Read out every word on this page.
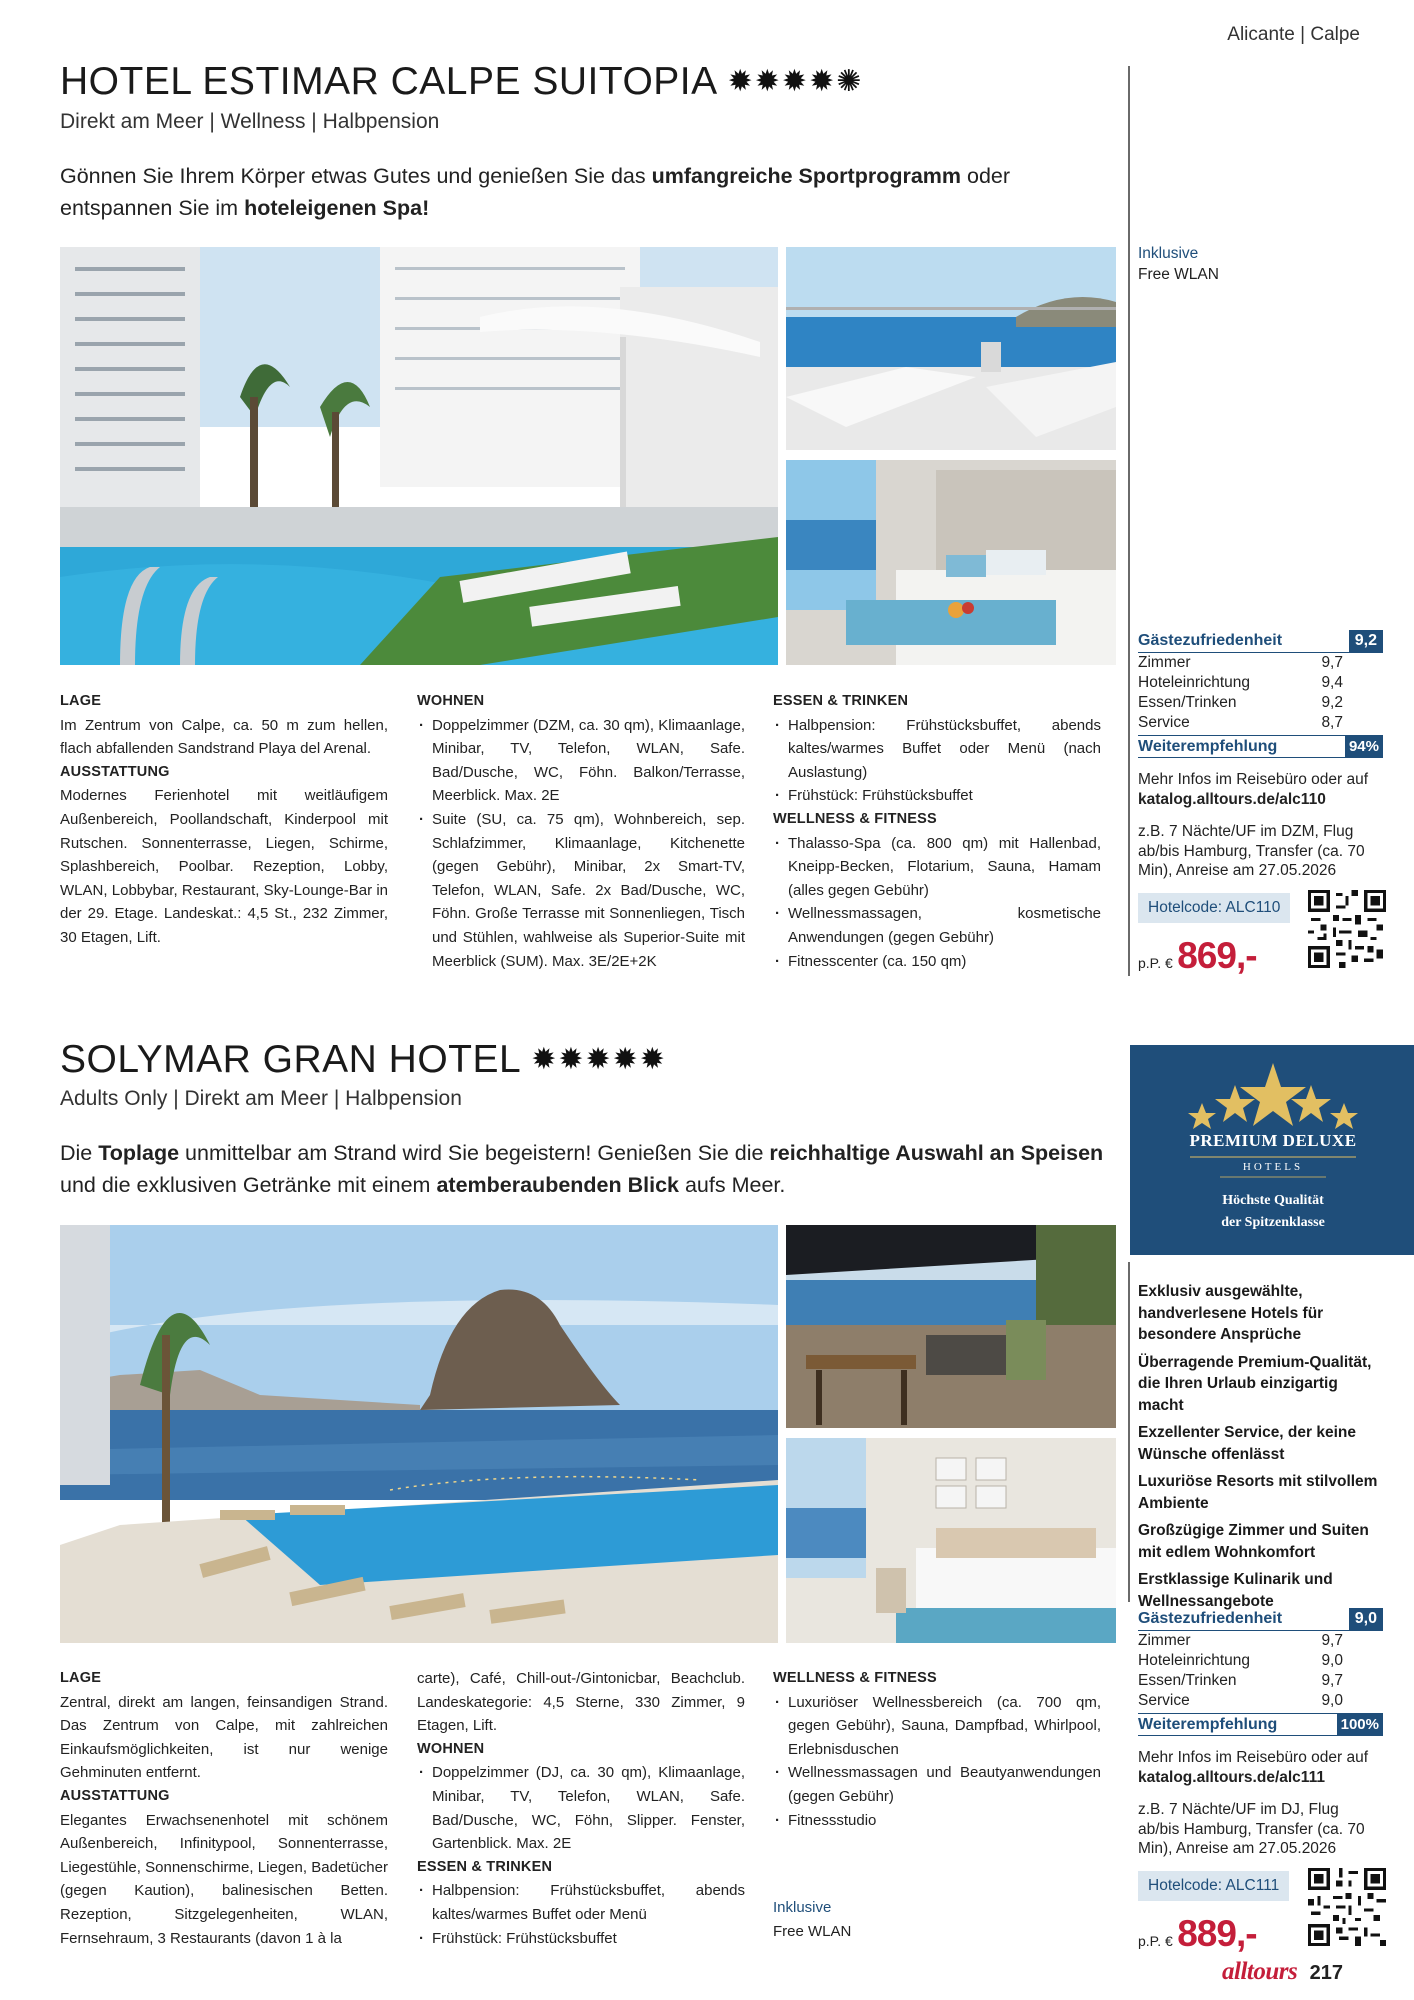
Alicante | Calpe
HOTEL ESTIMAR CALPE SUITOPIA ✹✹✹✹✺
Direkt am Meer | Wellness | Halbpension
Gönnen Sie Ihrem Körper etwas Gutes und genießen Sie das umfangreiche Sportprogramm oder entspannen Sie im hoteleigenen Spa!
LAGE
Im Zentrum von Calpe, ca. 50 m zum hellen, flach abfallenden Sandstrand Playa del Arenal.
AUSSTATTUNG
Modernes Ferienhotel mit weitläufigem Außenbereich, Poollandschaft, Kinderpool mit Rutschen. Sonnenterrasse, Liegen, Schirme, Splashbereich, Poolbar. Rezeption, Lobby, WLAN, Lobbybar, Restaurant, Sky-Lounge-Bar in der 29. Etage. Landeskat.: 4,5 St., 232 Zimmer, 30 Etagen, Lift.
WOHNEN
· Doppelzimmer (DZM, ca. 30 qm), Klimaanlage, Minibar, TV, Telefon, WLAN, Safe. Bad/Dusche, WC, Föhn. Balkon/Terrasse, Meerblick. Max. 2E
· Suite (SU, ca. 75 qm), Wohnbereich, sep. Schlafzimmer, Klimaanlage, Kitchenette (gegen Gebühr), Minibar, 2x Smart-TV, Telefon, WLAN, Safe. 2x Bad/Dusche, WC, Föhn. Große Terrasse mit Sonnenliegen, Tisch und Stühlen, wahlweise als Superior-Suite mit Meerblick (SUM). Max. 3E/2E+2K
ESSEN & TRINKEN
· Halbpension: Frühstücksbuffet, abends kaltes/warmes Buffet oder Menü (nach Auslastung)
· Frühstück: Frühstücksbuffet
WELLNESS & FITNESS
· Thalasso-Spa (ca. 800 qm) mit Hallenbad, Kneipp-Becken, Flotarium, Sauna, Hamam (alles gegen Gebühr)
· Wellnessmassagen, kosmetische Anwendungen (gegen Gebühr)
· Fitnesscenter (ca. 150 qm)
Inklusive
Free WLAN
Gästezufriedenheit	9,2
Zimmer	9,7
Hoteleinrichtung	9,4
Essen/Trinken	9,2
Service	8,7
Weiterempfehlung	94%
Mehr Infos im Reisebüro oder auf
katalog.alltours.de/alc110
z.B. 7 Nächte/UF im DZM, Flug ab/bis Hamburg, Transfer (ca. 70 Min), Anreise am 27.05.2026
Hotelcode: ALC110
p.P. € 869,-
SOLYMAR GRAN HOTEL ✹✹✹✹✹
Adults Only | Direkt am Meer | Halbpension
Die Toplage unmittelbar am Strand wird Sie begeistern! Genießen Sie die reichhaltige Auswahl an Speisen und die exklusiven Getränke mit einem atemberaubenden Blick aufs Meer.
LAGE
Zentral, direkt am langen, feinsandigen Strand. Das Zentrum von Calpe, mit zahlreichen Einkaufsmöglichkeiten, ist nur wenige Gehminuten entfernt.
AUSSTATTUNG
Elegantes Erwachsenenhotel mit schönem Außenbereich, Infinitypool, Sonnenterrasse, Liegestühle, Sonnenschirme, Liegen, Badetücher (gegen Kaution), balinesischen Betten. Rezeption, Sitzgelegenheiten, WLAN, Fernsehraum, 3 Restaurants (davon 1 à la
carte), Café, Chill-out-/Gintonicbar, Beachclub. Landeskategorie: 4,5 Sterne, 330 Zimmer, 9 Etagen, Lift.
WOHNEN
· Doppelzimmer (DJ, ca. 30 qm), Klimaanlage, Minibar, TV, Telefon, WLAN, Safe. Bad/Dusche, WC, Föhn, Slipper. Fenster, Gartenblick. Max. 2E
ESSEN & TRINKEN
· Halbpension: Frühstücksbuffet, abends kaltes/warmes Buffet oder Menü
· Frühstück: Frühstücksbuffet
WELLNESS & FITNESS
· Luxuriöser Wellnessbereich (ca. 700 qm, gegen Gebühr), Sauna, Dampfbad, Whirlpool, Erlebnisduschen
· Wellnessmassagen und Beautyanwendungen (gegen Gebühr)
· Fitnessstudio
Inklusive
Free WLAN
PREMIUM DELUXE
HOTELS
Höchste Qualität
der Spitzenklasse
Exklusiv ausgewählte, handverlesene Hotels für besondere Ansprüche
Überragende Premium-Qualität, die Ihren Urlaub einzigartig macht
Exzellenter Service, der keine Wünsche offenlässt
Luxuriöse Resorts mit stilvollem Ambiente
Großzügige Zimmer und Suiten mit edlem Wohnkomfort
Erstklassige Kulinarik und Wellnessangebote
Gästezufriedenheit	9,0
Zimmer	9,7
Hoteleinrichtung	9,0
Essen/Trinken	9,7
Service	9,0
Weiterempfehlung	100%
Mehr Infos im Reisebüro oder auf
katalog.alltours.de/alc111
z.B. 7 Nächte/UF im DJ, Flug ab/bis Hamburg, Transfer (ca. 70 Min), Anreise am 27.05.2026
Hotelcode: ALC111
p.P. € 889,-
alltours 217
